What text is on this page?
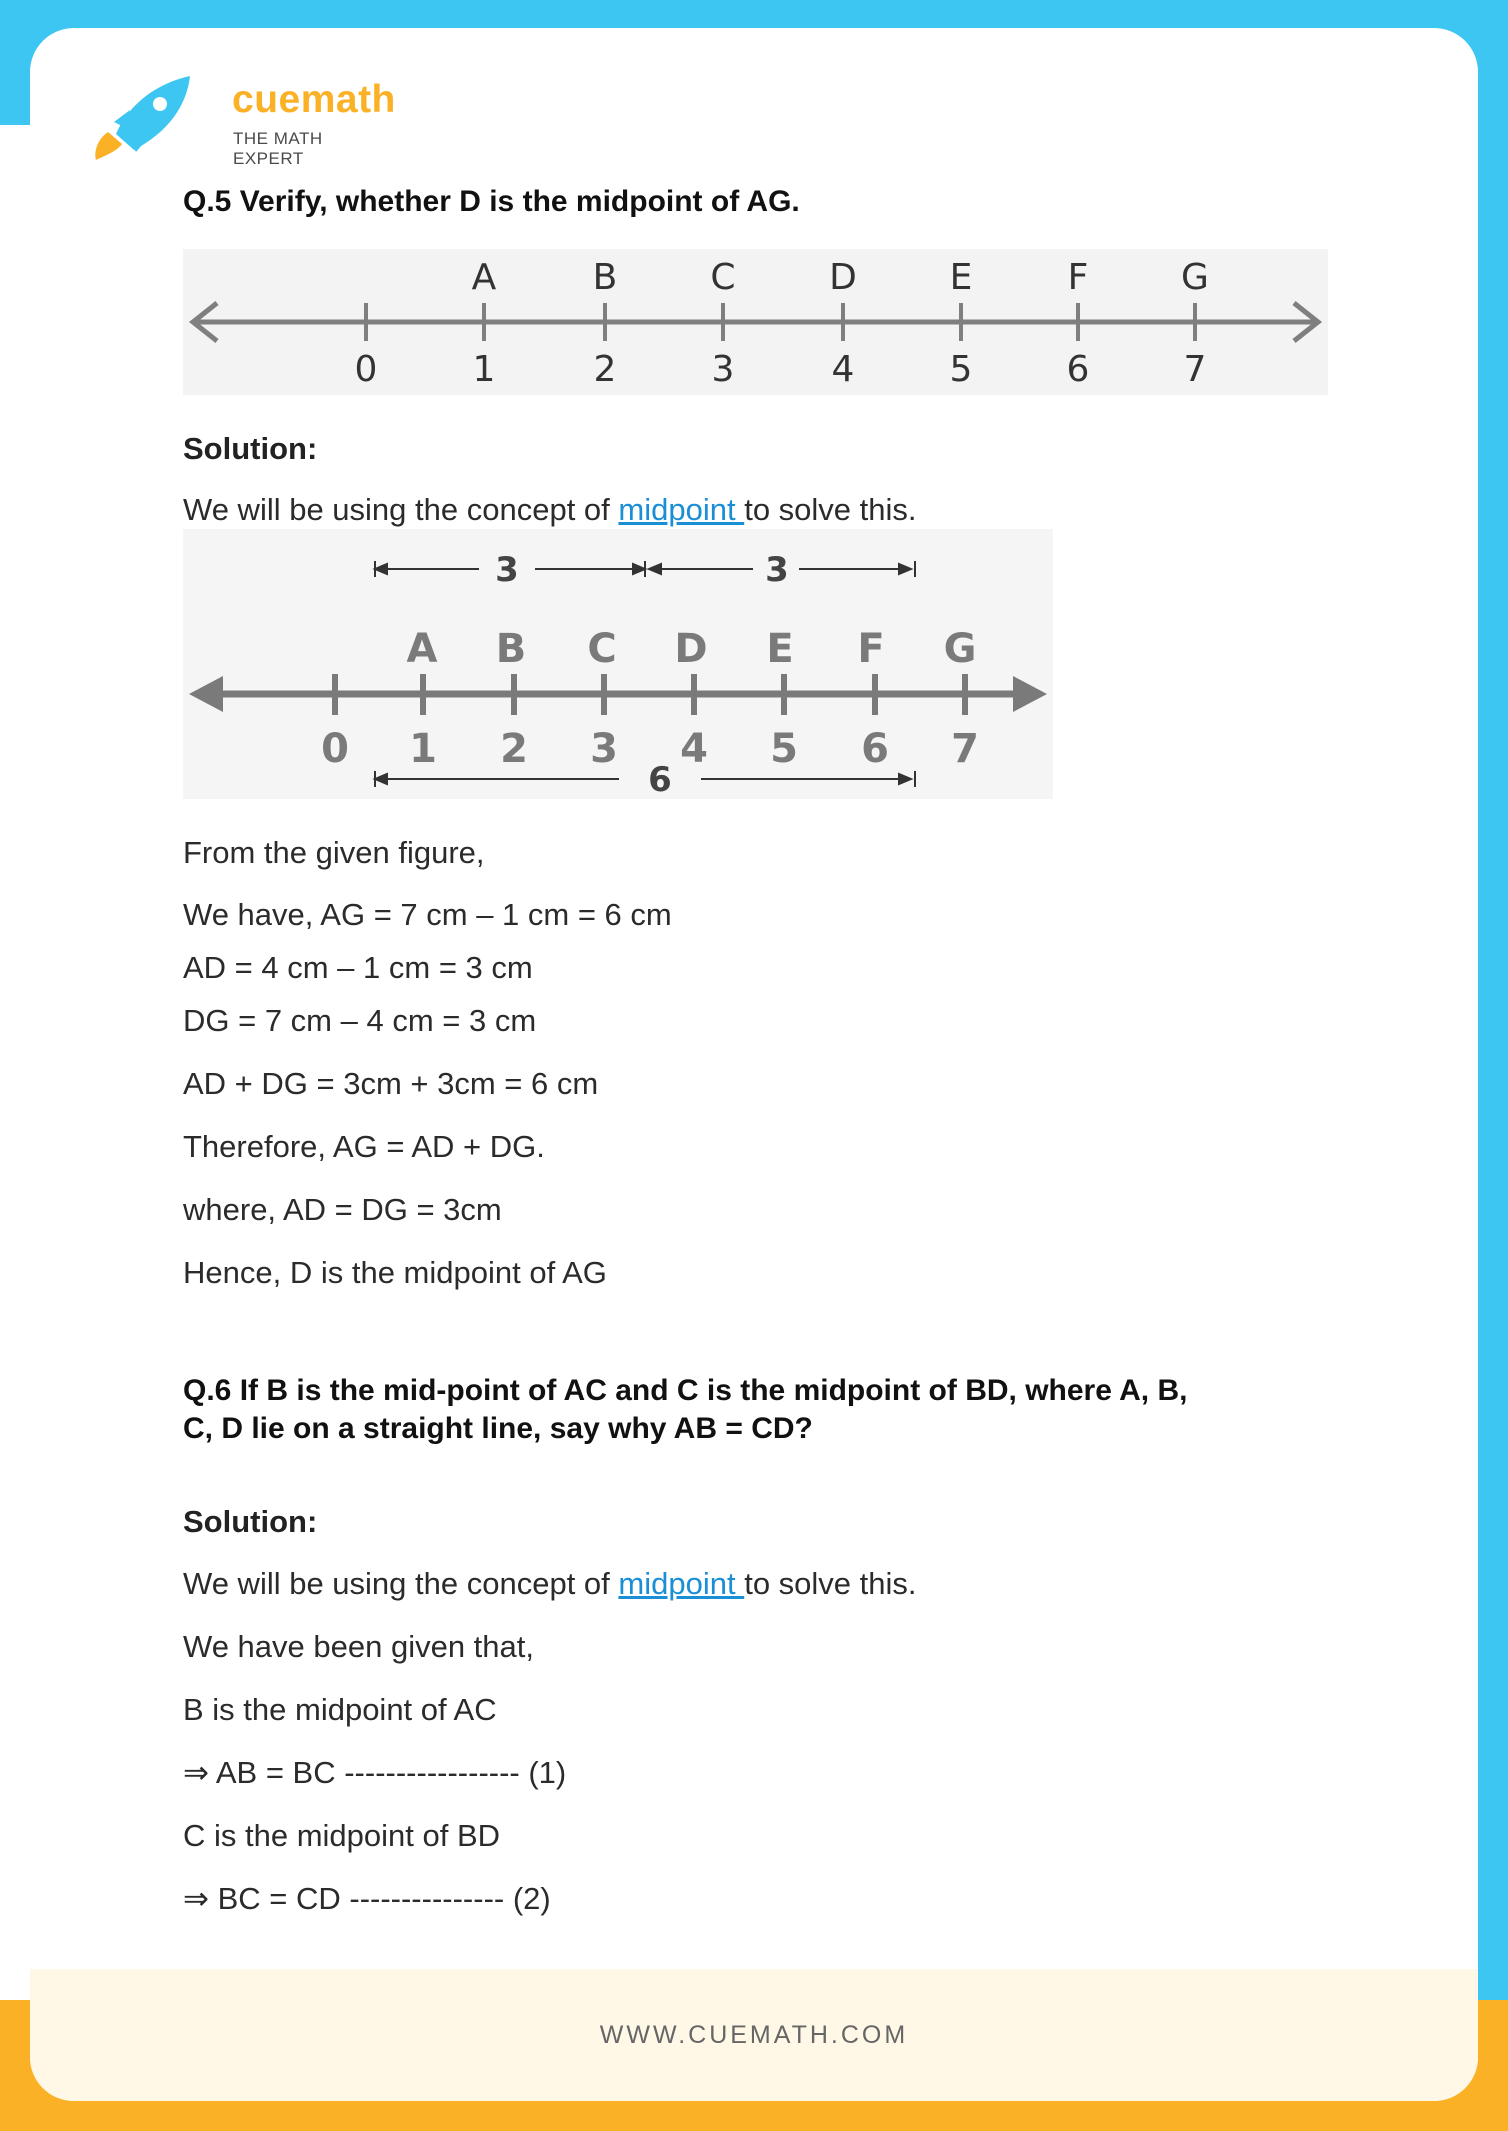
cuemath
THE MATH EXPERT
Q.5 Verify, whether D is the midpoint of AG.
A	B	C	D	E	F	G
0	1	2	3	4	5	6	7
Solution:
We will be using the concept of midpoint to solve this.
3	3
6
A B C D E F G
0 1 2 3 4 5 6 7
From the given figure,
We have, AG = 7 cm – 1 cm = 6 cm
AD = 4 cm – 1 cm = 3 cm
DG = 7 cm – 4 cm = 3 cm
AD + DG = 3cm + 3cm = 6 cm
Therefore, AG = AD + DG.
where, AD = DG = 3cm
Hence, D is the midpoint of AG
Q.6 If B is the mid-point of AC and C is the midpoint of BD, where A, B,
C, D lie on a straight line, say why AB = CD?
Solution:
We will be using the concept of midpoint to solve this.
We have been given that,
B is the midpoint of AC
⇒ AB = BC ----------------- (1)
C is the midpoint of BD
⇒ BC = CD --------------- (2)
WWW.CUEMATH.COM
